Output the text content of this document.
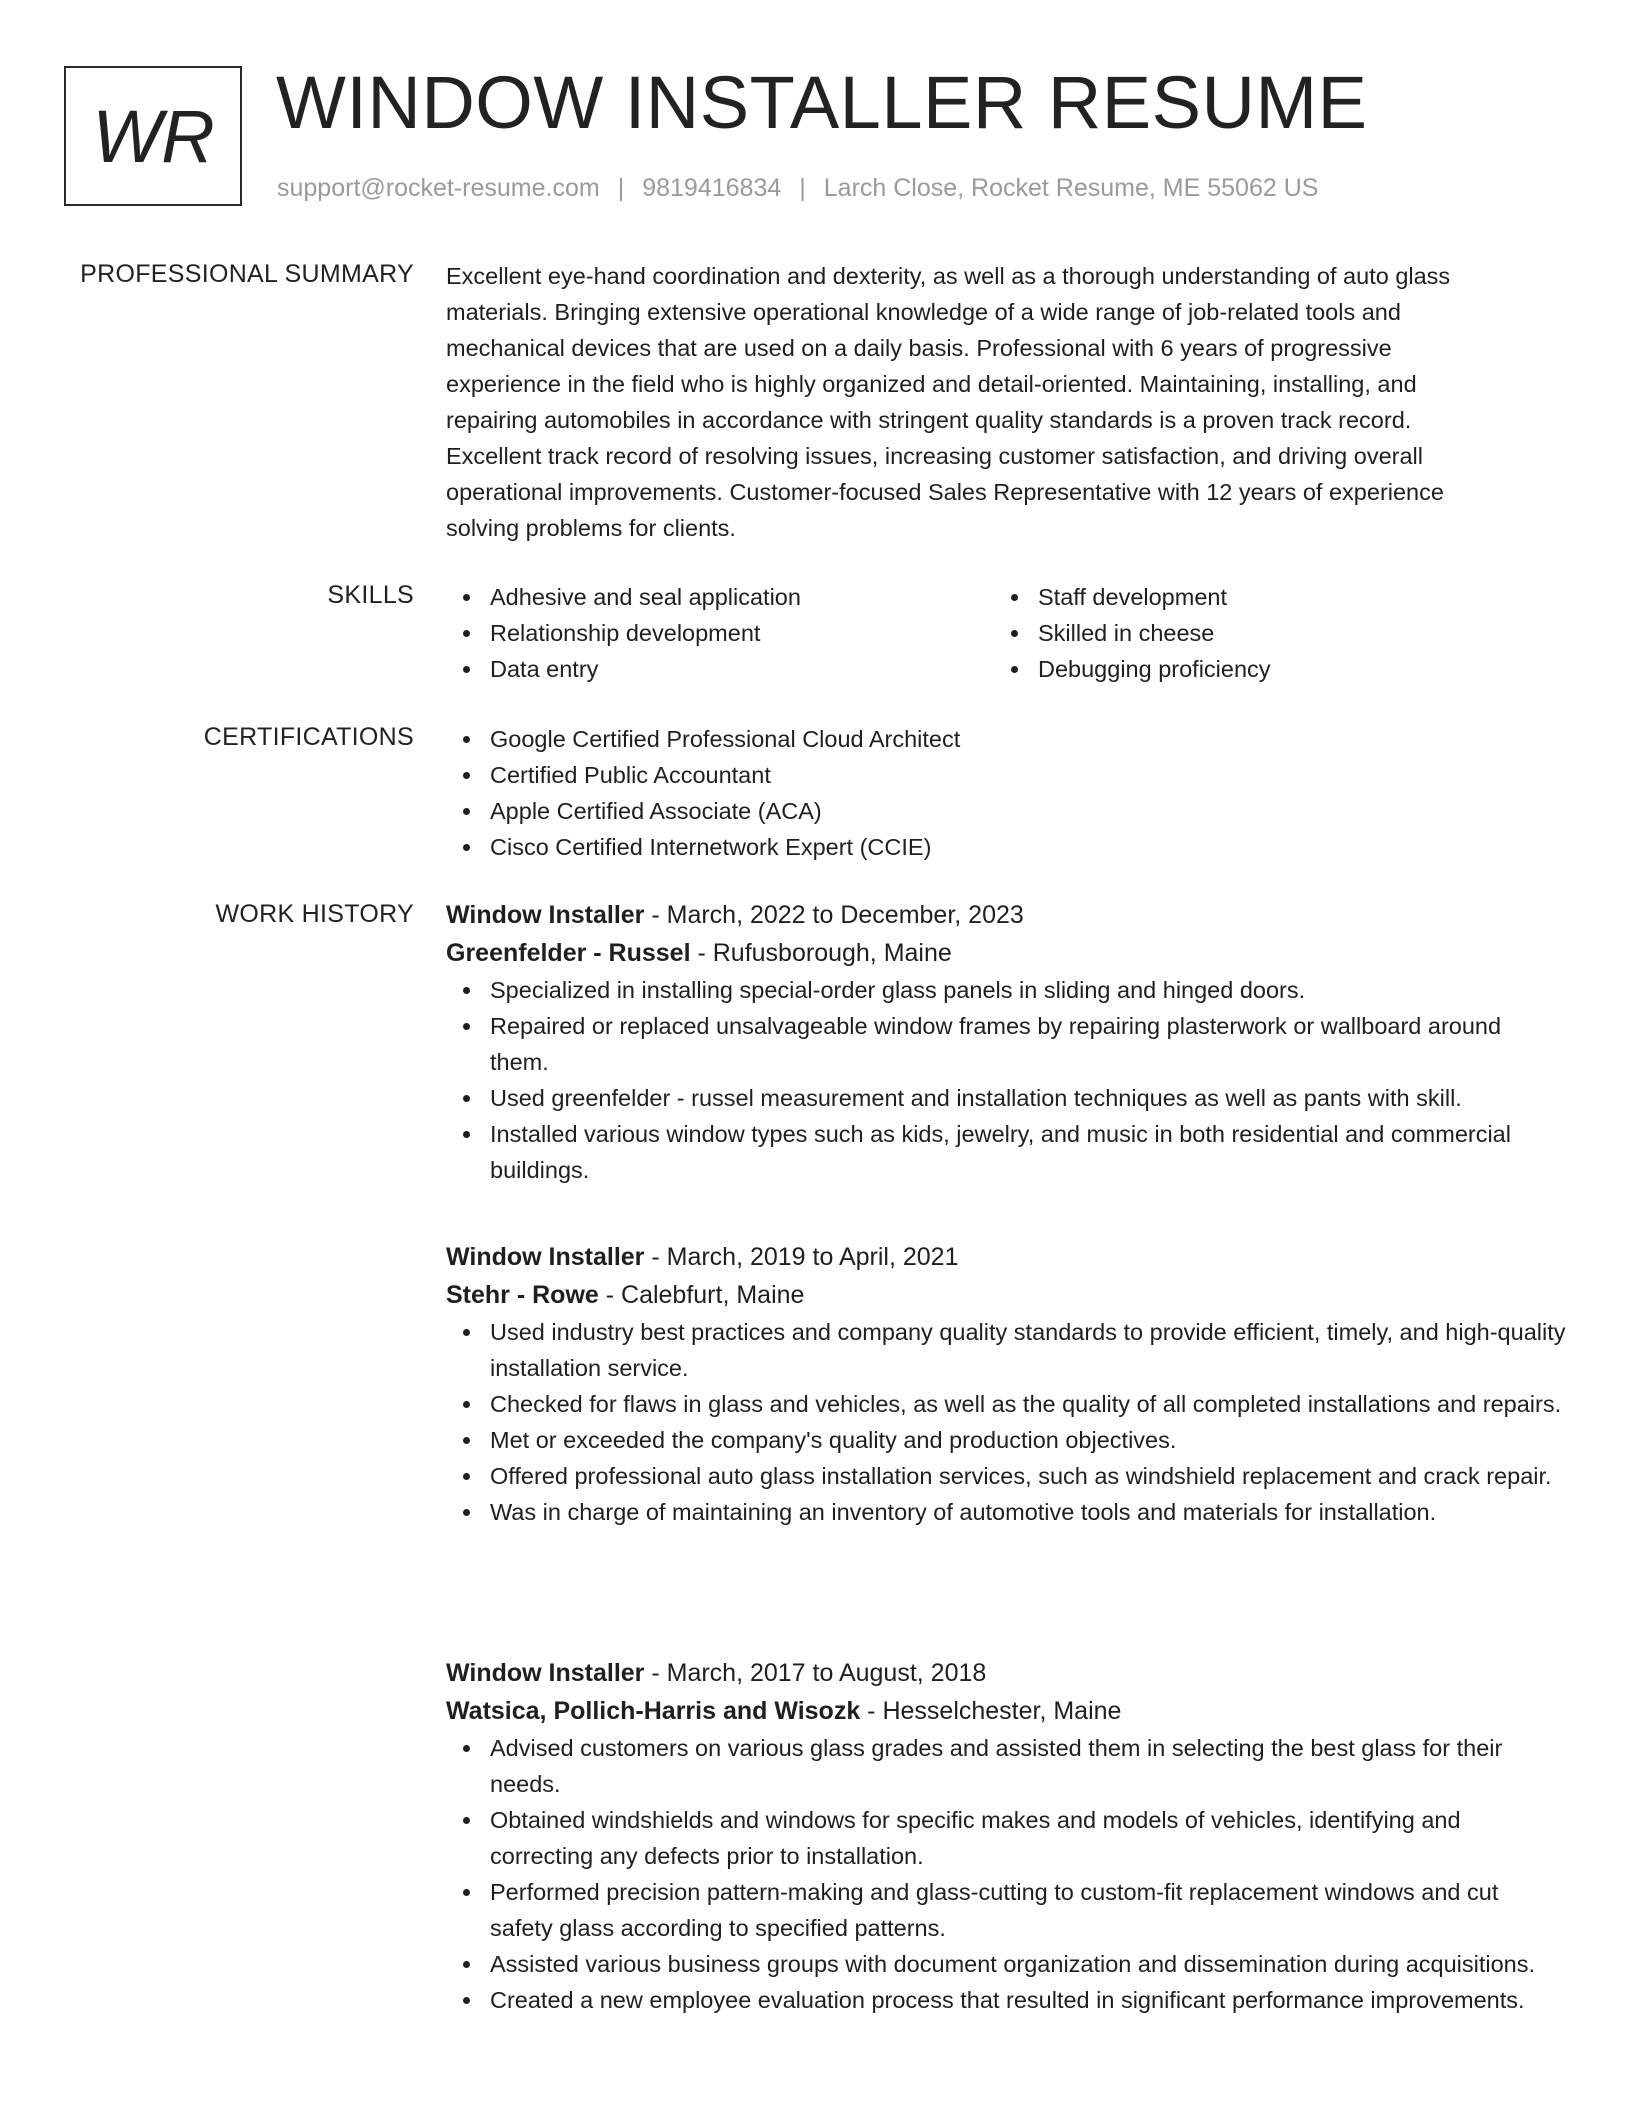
WR WINDOW INSTALLER RESUME
support@rocket-resume.com | 9819416834 | Larch Close, Rocket Resume, ME 55062 US
PROFESSIONAL SUMMARY Excellent eye-hand coordination and dexterity, as well as a thorough understanding of auto glass
materials. Bringing extensive operational knowledge of a wide range of job-related tools and
mechanical devices that are used on a daily basis. Professional with 6 years of progressive
experience in the field who is highly organized and detail-oriented. Maintaining, installing, and
repairing automobiles in accordance with stringent quality standards is a proven track record.
Excellent track record of resolving issues, increasing customer satisfaction, and driving overall
operational improvements. Customer-focused Sales Representative with 12 years of experience
solving problems for clients.
SKILLS	Adhesive and seal application
Relationship development
Data entry
Staff development
Skilled in cheese
Debugging proficiency
CERTIFICATIONS	Google Certified Professional Cloud Architect
Certified Public Accountant
Apple Certified Associate (ACA)
Cisco Certified Internetwork Expert (CCIE)
WORK HISTORY Window Installer - March, 2022 to December, 2023
Greenfelder - Russel - Rufusborough, Maine
Specialized in installing special-order glass panels in sliding and hinged doors.
Repaired or replaced unsalvageable window frames by repairing plasterwork or wallboard around them.
Used greenfelder - russel measurement and installation techniques as well as pants with skill.
Installed various window types such as kids, jewelry, and music in both residential and commercial buildings.
Window Installer - March, 2019 to April, 2021
Stehr - Rowe - Calebfurt, Maine
Used industry best practices and company quality standards to provide efficient, timely, and high-quality installation service.
Checked for flaws in glass and vehicles, as well as the quality of all completed installations and repairs.
Met or exceeded the company's quality and production objectives.
Offered professional auto glass installation services, such as windshield replacement and crack repair.
Was in charge of maintaining an inventory of automotive tools and materials for installation.
Window Installer - March, 2017 to August, 2018
Watsica, Pollich-Harris and Wisozk - Hesselchester, Maine
Advised customers on various glass grades and assisted them in selecting the best glass for their needs.
Obtained windshields and windows for specific makes and models of vehicles, identifying and correcting any defects prior to installation.
Performed precision pattern-making and glass-cutting to custom-fit replacement windows and cut safety glass according to specified patterns.
Assisted various business groups with document organization and dissemination during acquisitions.
Created a new employee evaluation process that resulted in significant performance improvements.
